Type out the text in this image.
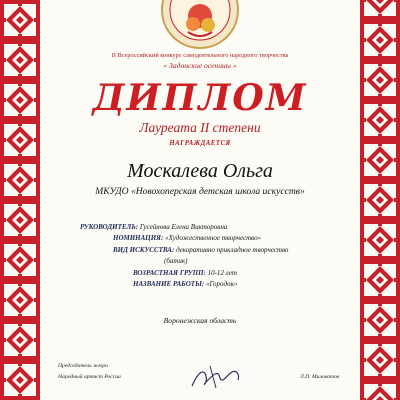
II Всероссийский конкурс самодеятельного народного творчества
« Задонские осенины »
ДИПЛОМ
Лауреата II степени
НАГРАЖДАЕТСЯ
Москалева Ольга
МКУДО «Новохоперская детская школа искусств»
РУКОВОДИТЕЛЬ: Гусейнова Елена Викторовна
НОМИНАЦИЯ: «Художественное творчество»
ВИД ИСКУССТВА: декоративно прикладное творчество
(батик)
ВОЗРАСТНАЯ ГРУПП: 10-12 лет
НАЗВАНИЕ РАБОТЫ: «Городок»
Воронежская область
Председатель жюри
Народный артист России	Л.П. Миловатов
